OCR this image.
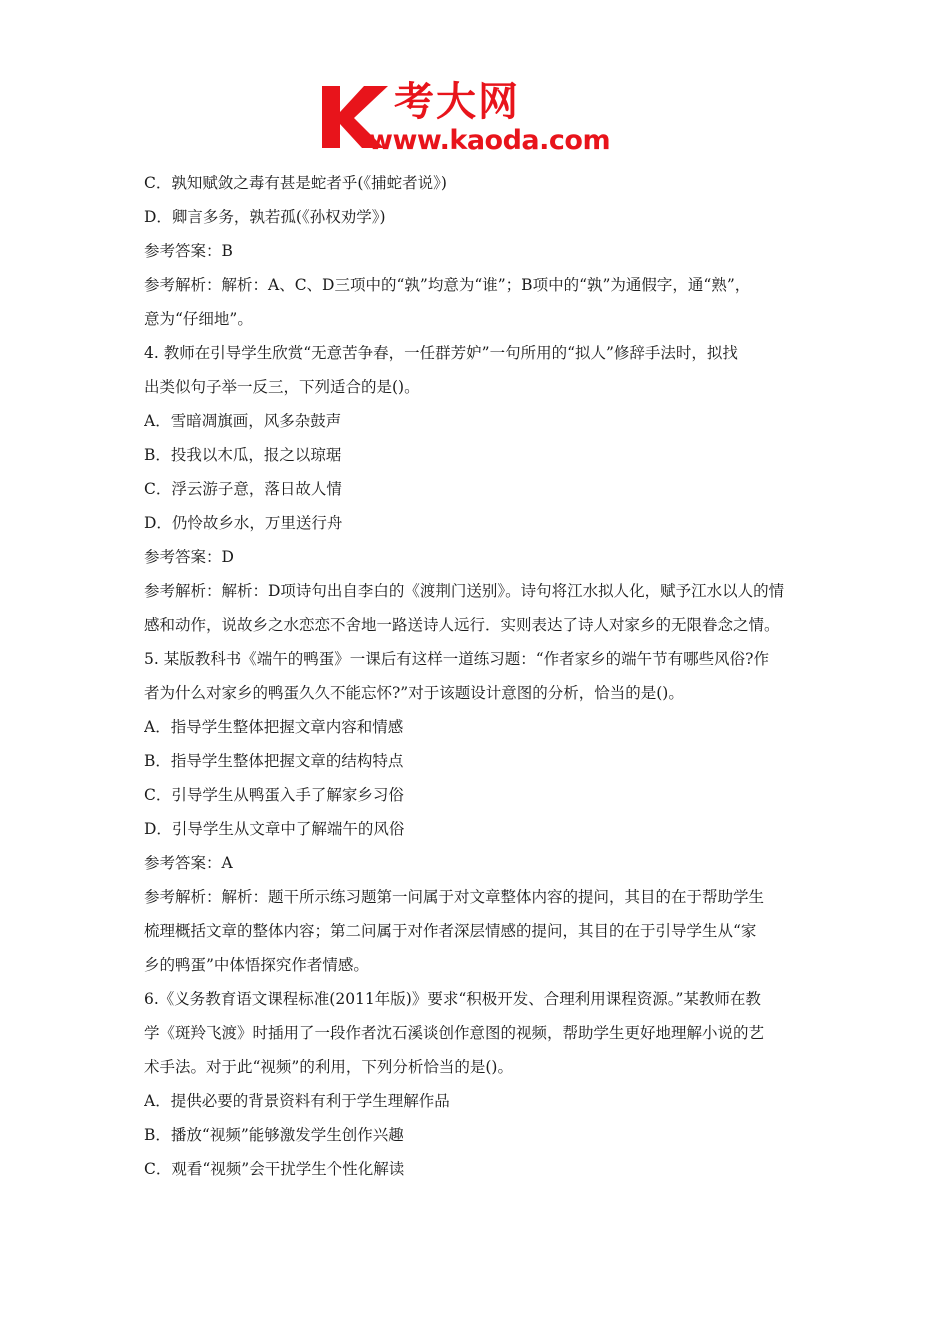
考大网
www.kaoda.com
C．孰知赋敛之毒有甚是蛇者乎(《捕蛇者说》)
D．卿言多务，孰若孤(《孙权劝学》)
参考答案：B
参考解析：解析：A、C、D三项中的“孰”均意为“谁”；B项中的“孰”为通假字，通“熟”，
意为“仔细地”。
4. 教师在引导学生欣赏“无意苦争春，一任群芳妒”一句所用的“拟人”修辞手法时，拟找
出类似句子举一反三，下列适合的是()。
A．雪暗凋旗画，风多杂鼓声
B．投我以木瓜，报之以琼琚
C．浮云游子意，落日故人情
D．仍怜故乡水，万里送行舟
参考答案：D
参考解析：解析：D项诗句出自李白的《渡荆门送别》。诗句将江水拟人化，赋予江水以人的情
感和动作，说故乡之水恋恋不舍地一路送诗人远行．实则表达了诗人对家乡的无限眷念之情。
5. 某版教科书《端午的鸭蛋》一课后有这样一道练习题：“作者家乡的端午节有哪些风俗?作
者为什么对家乡的鸭蛋久久不能忘怀?”对于该题设计意图的分析，恰当的是()。
A．指导学生整体把握文章内容和情感
B．指导学生整体把握文章的结构特点
C．引导学生从鸭蛋入手了解家乡习俗
D．引导学生从文章中了解端午的风俗
参考答案：A
参考解析：解析：题干所示练习题第一问属于对文章整体内容的提问，其目的在于帮助学生
梳理概括文章的整体内容；第二问属于对作者深层情感的提问，其目的在于引导学生从“家
乡的鸭蛋”中体悟探究作者情感。
6.《义务教育语文课程标准(2011年版)》要求“积极开发、合理利用课程资源。”某教师在教
学《斑羚飞渡》时插用了一段作者沈石溪谈创作意图的视频，帮助学生更好地理解小说的艺
术手法。对于此“视频”的利用，下列分析恰当的是()。
A．提供必要的背景资料有利于学生理解作品
B．播放“视频”能够激发学生创作兴趣
C．观看“视频”会干扰学生个性化解读
